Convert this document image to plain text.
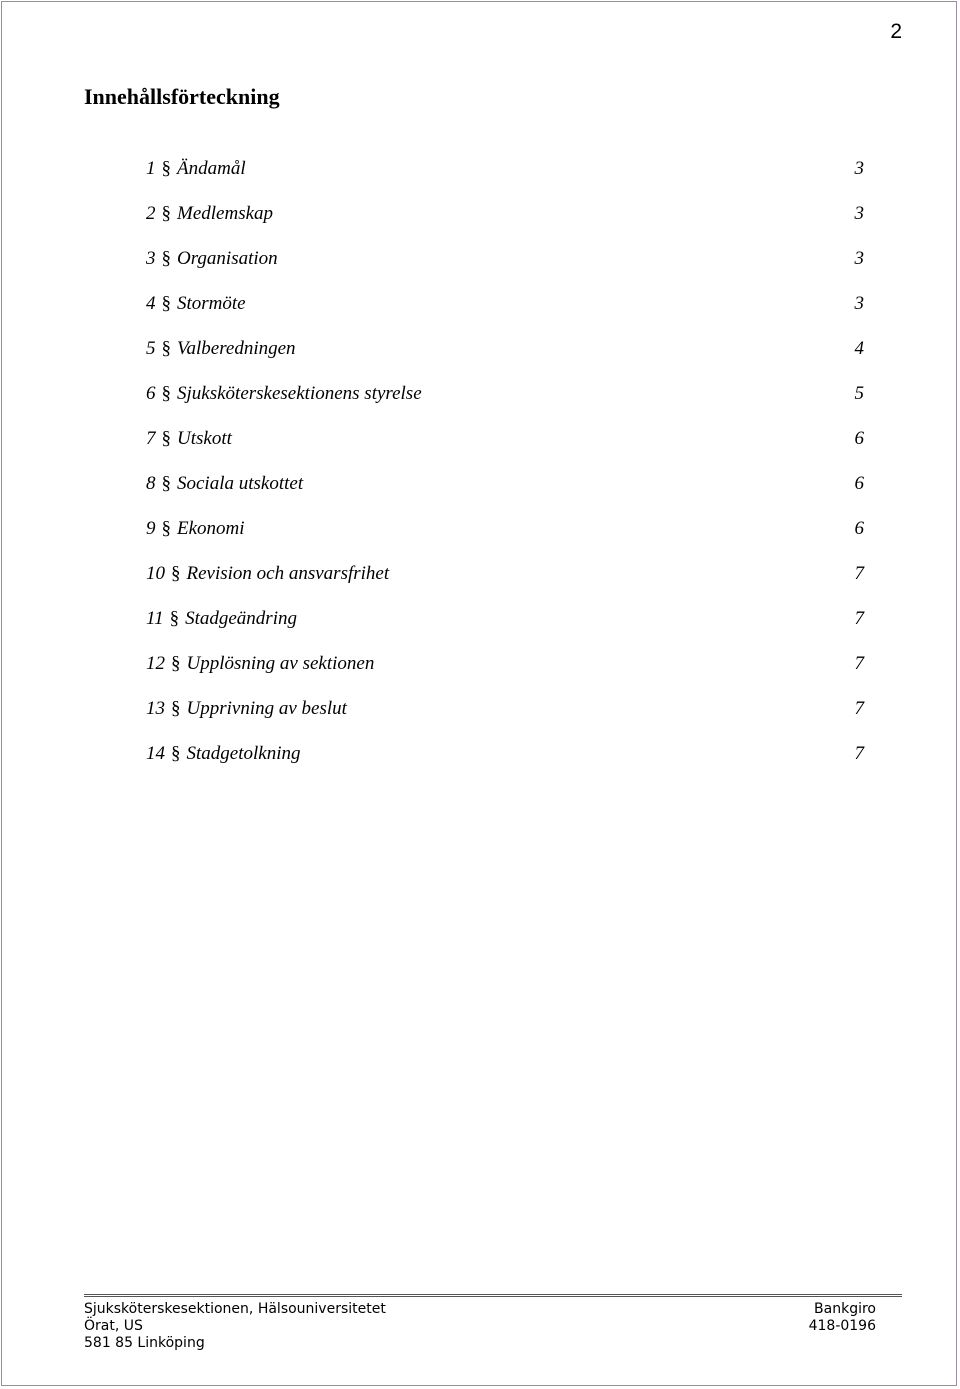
2
Innehållsförteckning
1 § Ändamål	3
2 § Medlemskap	3
3 § Organisation	3
4 § Stormöte	3
5 § Valberedningen	4
6 § Sjuksköterskesektionens styrelse	5
7 § Utskott	6
8 § Sociala utskottet	6
9 § Ekonomi	6
10 § Revision och ansvarsfrihet	7
11 § Stadgeändring	7
12 § Upplösning av sektionen	7
13 § Upprivning av beslut	7
14 § Stadgetolkning	7
Sjuksköterskesektionen, Hälsouniversitetet
Örat, US
581 85 Linköping
Bankgiro
418-0196
